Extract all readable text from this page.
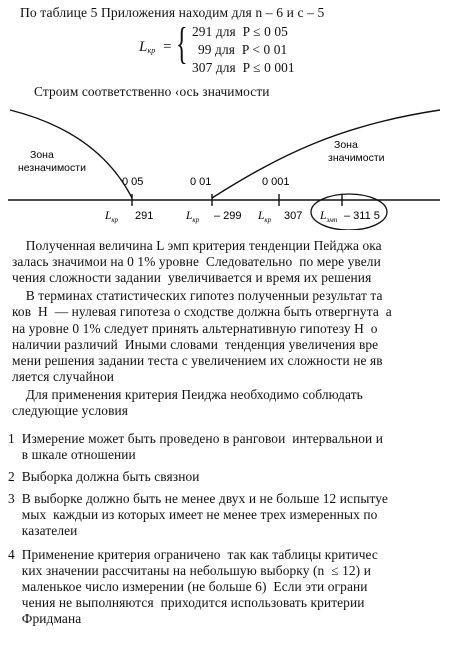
По таблице 5 Приложения находим для n – 6 и c – 5
$L_{кр}$ = { 291 для  P ≤ 0 05
99 для  P < 0 01
307 для  P ≤ 0 001
Строим соответственно ‹ось значимости
Зона
незначимости
Зона
значимости
0 05	0 01	0 001
$L_{кр}$ 291	$L_{кр} - 299$ $L_{кр}$ 307 $L_{эмп} - 311$ 5
Полученная величина L эмп критерия тенденции Пейджа ока
залась значимои на 0 1% уровне  Следовательно  по мере увели
чения сложности задании  увеличивается и время их решения
В терминах статистических гипотез полученныи результат та
ков  H  — нулевая гипотеза о сходстве должна быть отвергнута  а
на уровне 0 1% следует принять альтернативную гипотезу H  о
наличии различий  Иными словами  тенденция увеличения вре
мени решения задании теста с увеличением их сложности не яв
ляется случайнои
Для применения критерия Пеиджа необходимо соблюдать
следующие условия
1  Измерение может быть проведено в ранговои  интервальнои и
в шкале отношении
2  Выборка должна быть связнои
3  В выборке должно быть не менее двух и не больше 12 испытуе
мых  каждыи из которых имеет не менее трех измеренных по
казателеи
4  Применение критерия ограничено  так как таблицы критичес
ких значении рассчитаны на небольшую выборку (n  ≤ 12) и
маленькое число измерении (не больше 6)  Если эти ограни
чения не выполняются  приходится использовать критерии
Фридмана
